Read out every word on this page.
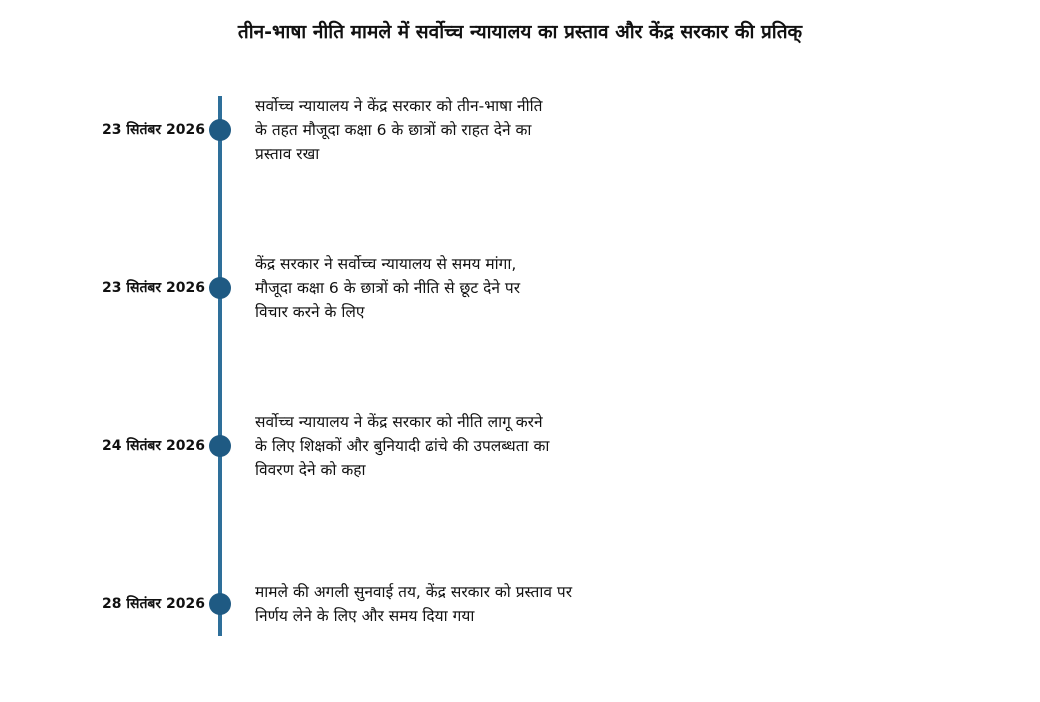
तीन-भाषा नीति मामले में सर्वोच्च न्यायालय का प्रस्ताव और केंद्र सरकार की प्रतिक्
23 सितंबर 2026
सर्वोच्च न्यायालय ने केंद्र सरकार को तीन-भाषा नीति
के तहत मौजूदा कक्षा 6 के छात्रों को राहत देने का
प्रस्ताव रखा
23 सितंबर 2026
केंद्र सरकार ने सर्वोच्च न्यायालय से समय मांगा,
मौजूदा कक्षा 6 के छात्रों को नीति से छूट देने पर
विचार करने के लिए
24 सितंबर 2026
सर्वोच्च न्यायालय ने केंद्र सरकार को नीति लागू करने
के लिए शिक्षकों और बुनियादी ढांचे की उपलब्धता का
विवरण देने को कहा
28 सितंबर 2026
मामले की अगली सुनवाई तय, केंद्र सरकार को प्रस्ताव पर
निर्णय लेने के लिए और समय दिया गया
